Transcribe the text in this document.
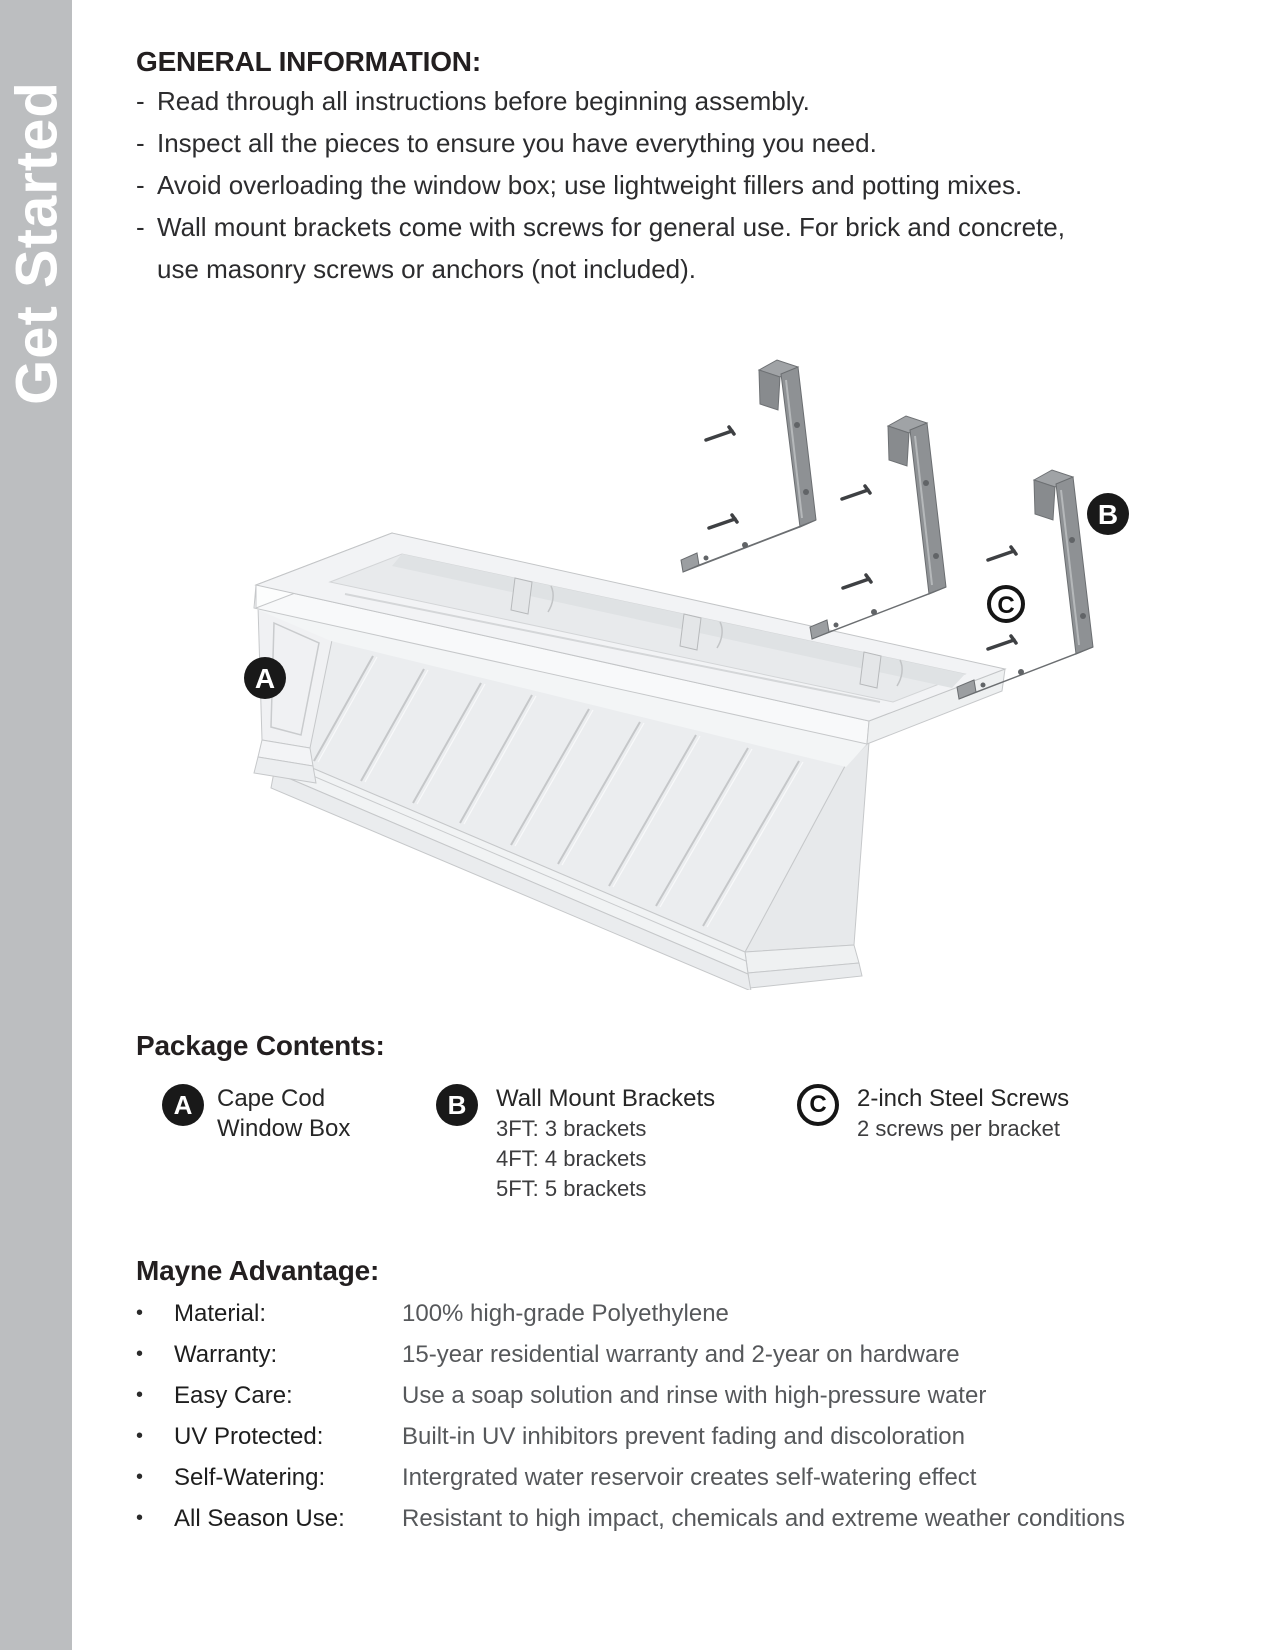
Get Started
GENERAL INFORMATION:
- Read through all instructions before beginning assembly.
- Inspect all the pieces to ensure you have everything you need.
- Avoid overloading the window box; use lightweight fillers and potting mixes.
- Wall mount brackets come with screws for general use. For brick and concrete,
use masonry screws or anchors (not included).
A
B
C
Package Contents:
A	Cape Cod
Window Box
B	Wall Mount Brackets
3FT: 3 brackets
4FT: 4 brackets
5FT: 5 brackets
C	2-inch Steel Screws
2 screws per bracket
Mayne Advantage:
• Material:	100% high-grade Polyethylene
• Warranty:	15-year residential warranty and 2-year on hardware
• Easy Care:	Use a soap solution and rinse with high-pressure water
• UV Protected:	Built-in UV inhibitors prevent fading and discoloration
• Self-Watering:	Intergrated water reservoir creates self-watering effect
• All Season Use: Resistant to high impact, chemicals and extreme weather conditions
